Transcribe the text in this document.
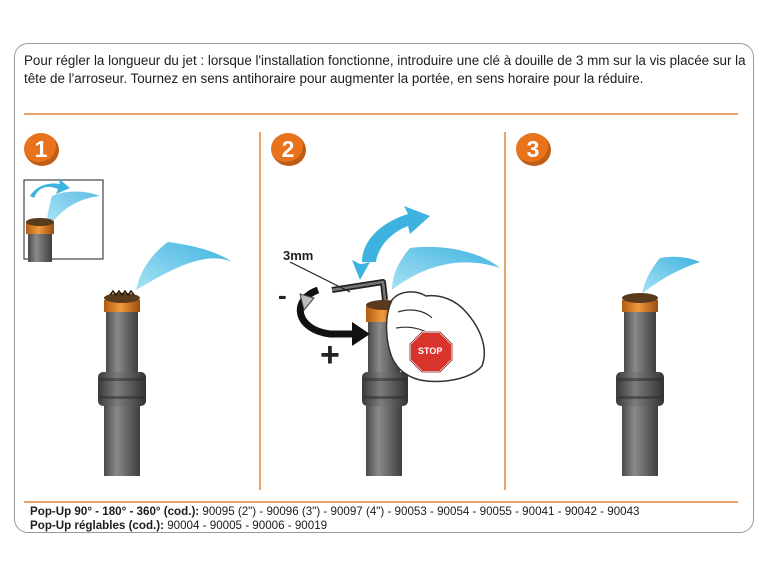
Pour régler la longueur du jet : lorsque l'installation fonctionne, introduire une clé à douille de 3 mm sur la vis placée sur la tête de l'arroseur. Tournez en sens antihoraire pour augmenter la portée, en sens horaire pour la réduire.

1	2	3
3mm
-
+	STOP
Pop-Up 90° - 180° - 360° (cod.): 90095 (2") - 90096 (3") - 90097 (4") - 90053 - 90054 - 90055 - 90041 - 90042 - 90043
Pop-Up réglables (cod.): 90004 - 90005 - 90006 - 90019
